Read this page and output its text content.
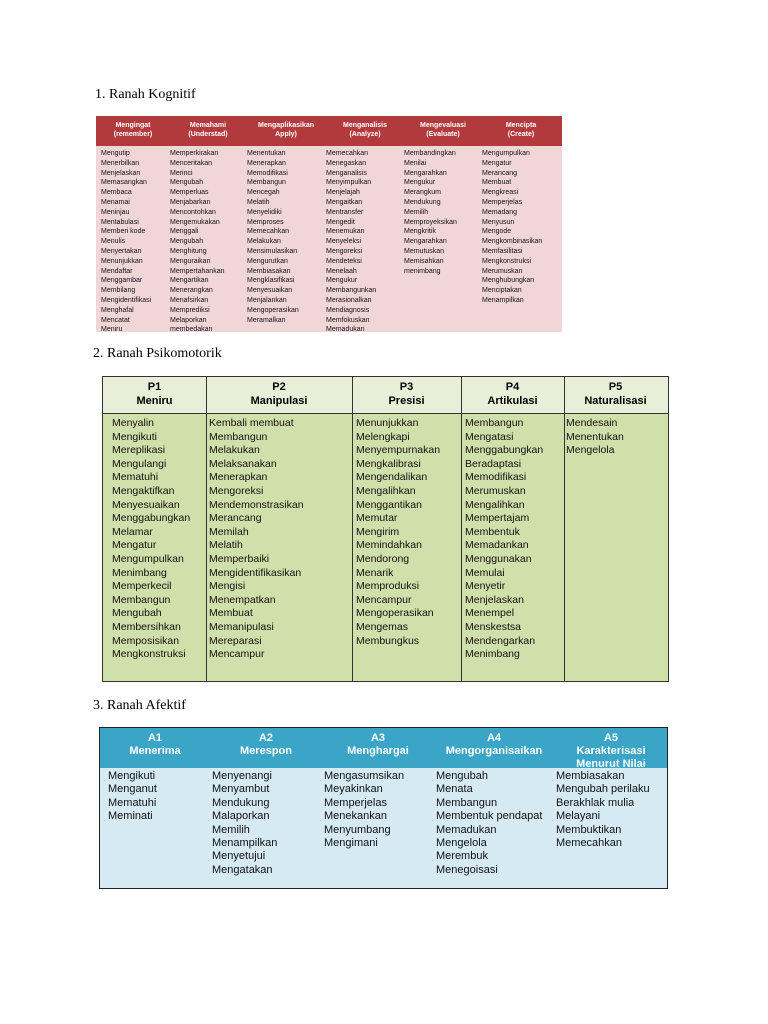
1. Ranah Kognitif
Mengingat
(remember)
Memahami
(Understad)
Mengaplikasikan
Apply)
Menganalisis
(Analyze)
Mengevaluasi
(Evaluate)
Mencipta
(Create)
Mengutip
Menerbilkan
Menjelaskan
Memasangkan
Membaca
Menamai
Meninjau
Mentabulasi
Memberi kode
Menulis
Menyertakan
Menunjukkan
Mendaftar
Menggambar
Membilang
Mengidentifikasi
Menghafal
Mencatat
Meniru
Memperkirakan
Menceritakan
Merinci
Mengubah
Memperluas
Menjabarkan
Mencontohkan
Mengemukakan
Menggali
Mengubah
Menghitung
Menguraikan
Mempertahankan
Mengartikan
Menerangkan
Menafsirkan
Memprediksi
Melaporkan
membedakan
Menentukan
Menerapkan
Memodifikasi
Membangun
Mencegah
Melatih
Menyelidiki
Memproses
Memecahkan
Melakukan
Mensimulasikan
Mengurutkan
Membiasakan
Mengklasifikasi
Menyesuaikan
Menjalankan
Mengoperasikan
Meramalkan
Memecahkan
Menegaskan
Menganalisis
Menyimpulkan
Menjelajah
Mengaitkan
Mentransfer
Mengedit
Menemukan
Menyeleksi
Mengoreksi
Mendeteksi
Menelaah
Mengukur
Membangunkan
Merasionalkan
Mendiagnosis
Memfokuskan
Memadukan
Membandingkan
Menilai
Mengarahkan
Mengukur
Merangkum
Mendukung
Memilih
Memproyeksikan
Mengkritik
Mengarahkan
Memutuskan
Memisahkan
menimbang
Mengumpulkan
Mengatur
Merancang
Membuat
Mengkreasi
Memperjelas
Memadang
Menyusun
Mengode
Mengkombinasikan
Memfasilitasi
Mengkonstruksi
Merumuskan
Menghubungkan
Menciptakan
Menampilkan
2. Ranah Psikomotorik
P1
Meniru
P2
Manipulasi
P3
Presisi
P4
Artikulasi
P5
Naturalisasi
Menyalin
Mengikuti
Mereplikasi
Mengulangi
Mematuhi
Mengaktifkan
Menyesuaikan
Menggabungkan
Melamar
Mengatur
Mengumpulkan
Menimbang
Memperkecil
Membangun
Mengubah
Membersihkan
Memposisikan
Mengkonstruksi
Kembali membuat
Membangun
Melakukan
Melaksanakan
Menerapkan
Mengoreksi
Mendemonstrasikan
Merancang
Memilah
Melatih
Memperbaiki
Mengidentifikasikan
Mengisi
Menempatkan
Membuat
Memanipulasi
Mereparasi
Mencampur
Menunjukkan
Melengkapi
Menyempurnakan
Mengkalibrasi
Mengendalikan
Mengalihkan
Menggantikan
Memutar
Mengirim
Memindahkan
Mendorong
Menarik
Memproduksi
Mencampur
Mengoperasikan
Mengemas
Membungkus
Membangun
Mengatasi
Menggabungkan
Beradaptasi
Memodifikasi
Merumuskan
Mengalihkan
Mempertajam
Membentuk
Memadankan
Menggunakan
Memulai
Menyetir
Menjelaskan
Menempel
Menskestsa
Mendengarkan
Menimbang
Mendesain
Menentukan
Mengelola
3. Ranah Afektif
A1
Menerima
A2
Merespon
A3
Menghargai
A4
Mengorganisaikan
A5
Karakterisasi Menurut Nilai
Mengikuti
Menganut
Mematuhi
Meminati
Menyenangi
Menyambut
Mendukung
Malaporkan
Memilih
Menampilkan
Menyetujui
Mengatakan
Mengasumsikan
Meyakinkan
Memperjelas
Menekankan
Menyumbang
Mengimani
Mengubah
Menata
Membangun
Membentuk pendapat
Memadukan
Mengelola
Merembuk
Menegoisasi
Membiasakan
Mengubah perilaku
Berakhlak mulia
Melayani
Membuktikan
Memecahkan
